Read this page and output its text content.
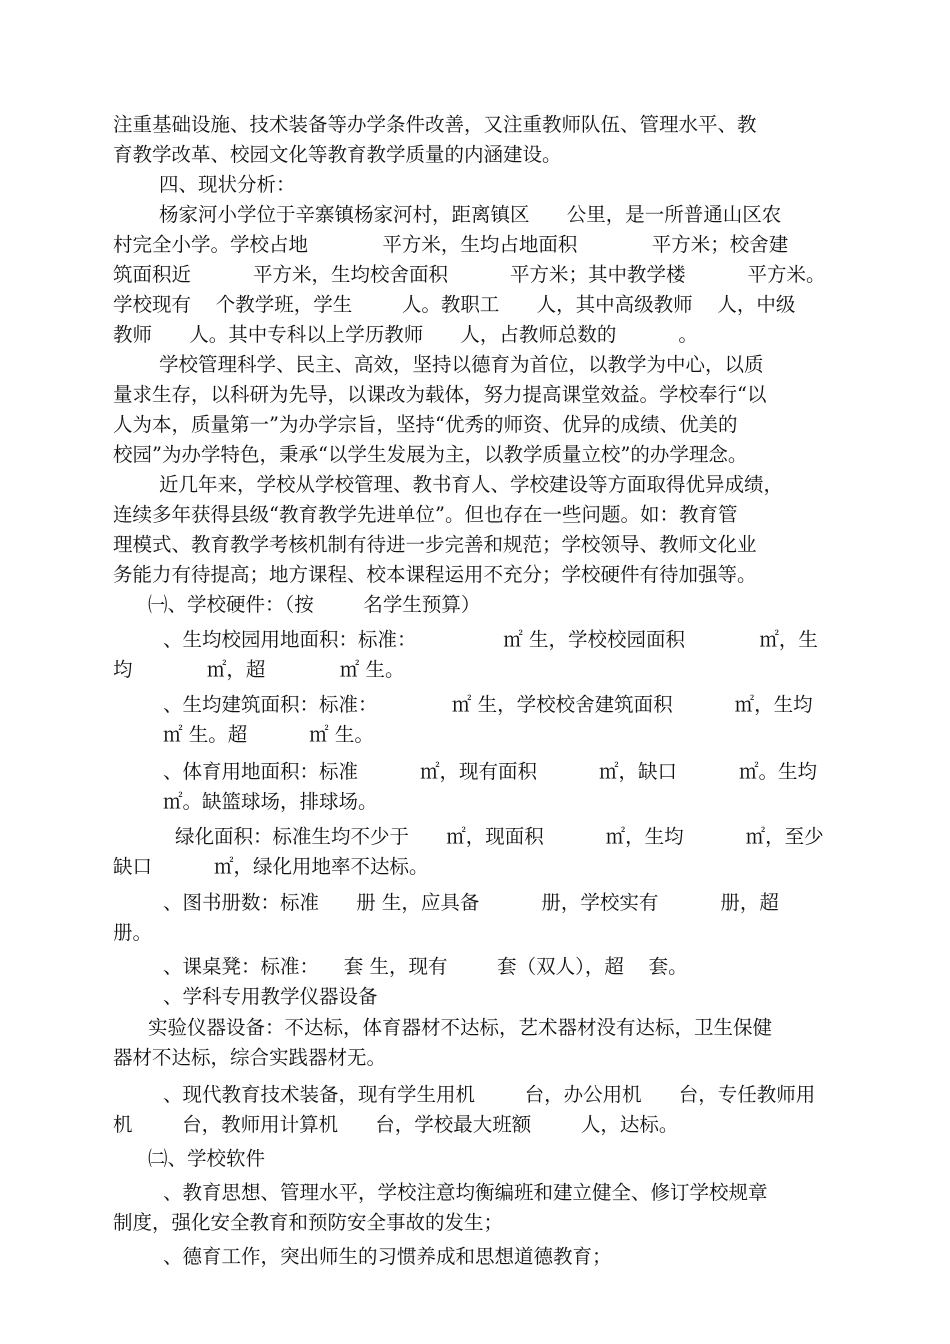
注重基础设施、技术装备等办学条件改善，又注重教师队伍、管理水平、教

育教学改革、校园文化等教育教学质量的内涵建设。

四、现状分析：

杨家河小学位于辛寨镇杨家河村，距离镇区      公里，是一所普通山区农

村完全小学。学校占地            平方米，生均占地面积            平方米；校舍建

筑面积近          平方米，生均校舍面积          平方米；其中教学楼          平方米。

学校现有    个教学班，学生        人。教职工      人，其中高级教师    人，中级

教师      人。其中专科以上学历教师      人，占教师总数的          。

学校管理科学、民主、高效，坚持以德育为首位，以教学为中心，以质

量求生存，以科研为先导，以课改为载体，努力提高课堂效益。学校奉行“以

人为本，质量第一”为办学宗旨，坚持“优秀的师资、优异的成绩、优美的

校园”为办学特色，秉承“以学生发展为主，以教学质量立校”的办学理念。

近几年来，学校从学校管理、教书育人、学校建设等方面取得优异成绩，

连续多年获得县级“教育教学先进单位”。但也存在一些问题。如：教育管

理模式、教育教学考核机制有待进一步完善和规范；学校领导、教师文化业

务能力有待提高；地方课程、校本课程运用不充分；学校硬件有待加强等。

㈠、学校硬件：（按        名学生预算）

、生均校园用地面积：标准：              ㎡ 生，学校校园面积            ㎡，生

均            ㎡，超            ㎡ 生。

、生均建筑面积：标准：            ㎡ 生，学校校舍建筑面积          ㎡，生均

㎡ 生。超          ㎡ 生。

、体育用地面积：标准          ㎡，现有面积          ㎡，缺口          ㎡。生均

㎡。缺篮球场，排球场。

绿化面积：标准生均不少于      ㎡，现面积          ㎡，生均          ㎡，至少

缺口          ㎡，绿化用地率不达标。

、图书册数：标准      册 生，应具备          册，学校实有          册，超

册。

、课桌凳：标准：    套 生，现有        套（双人），超    套。

、学科专用教学仪器设备

实验仪器设备：不达标，体育器材不达标，艺术器材没有达标，卫生保健

器材不达标，综合实践器材无。

、现代教育技术装备，现有学生用机        台，办公用机      台，专任教师用

机        台，教师用计算机      台，学校最大班额        人，达标。

㈡、学校软件

、教育思想、管理水平，学校注意均衡编班和建立健全、修订学校规章

制度，强化安全教育和预防安全事故的发生；

、德育工作，突出师生的习惯养成和思想道德教育；
